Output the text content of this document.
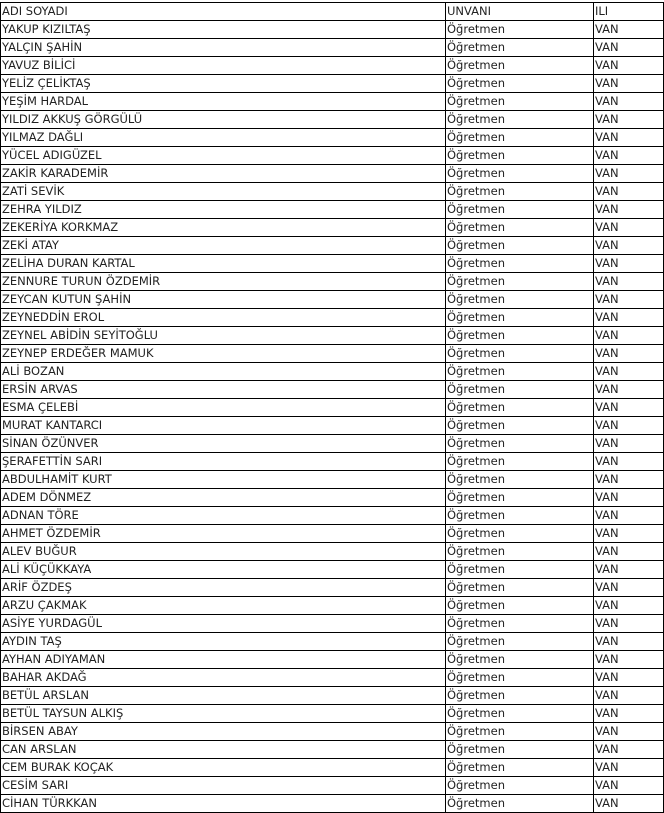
ADI SOYADI	UNVANI	ILI
YAKUP KIZILTAŞ	Öğretmen	VAN
YALÇIN ŞAHİN	Öğretmen	VAN
YAVUZ BİLİCİ	Öğretmen	VAN
YELİZ ÇELİKTAŞ	Öğretmen	VAN
YEŞİM HARDAL	Öğretmen	VAN
YILDIZ AKKUŞ GÖRGÜLÜ	Öğretmen	VAN
YILMAZ DAĞLI	Öğretmen	VAN
YÜCEL ADIGÜZEL	Öğretmen	VAN
ZAKİR KARADEMİR	Öğretmen	VAN
ZATİ SEVİK	Öğretmen	VAN
ZEHRA YILDIZ	Öğretmen	VAN
ZEKERİYA KORKMAZ	Öğretmen	VAN
ZEKİ ATAY	Öğretmen	VAN
ZELİHA DURAN KARTAL	Öğretmen	VAN
ZENNURE TURUN ÖZDEMİR	Öğretmen	VAN
ZEYCAN KUTUN ŞAHİN	Öğretmen	VAN
ZEYNEDDİN EROL	Öğretmen	VAN
ZEYNEL ABİDİN SEYİTOĞLU	Öğretmen	VAN
ZEYNEP ERDEĞER MAMUK	Öğretmen	VAN
ALİ BOZAN	Öğretmen	VAN
ERSİN ARVAS	Öğretmen	VAN
ESMA ÇELEBİ	Öğretmen	VAN
MURAT KANTARCI	Öğretmen	VAN
SİNAN ÖZÜNVER	Öğretmen	VAN
ŞERAFETTİN SARI	Öğretmen	VAN
ABDULHAMİT KURT	Öğretmen	VAN
ADEM DÖNMEZ	Öğretmen	VAN
ADNAN TÖRE	Öğretmen	VAN
AHMET ÖZDEMİR	Öğretmen	VAN
ALEV BUĞUR	Öğretmen	VAN
ALİ KÜÇÜKKAYA	Öğretmen	VAN
ARİF ÖZDEŞ	Öğretmen	VAN
ARZU ÇAKMAK	Öğretmen	VAN
ASİYE YURDAGÜL	Öğretmen	VAN
AYDIN TAŞ	Öğretmen	VAN
AYHAN ADIYAMAN	Öğretmen	VAN
BAHAR AKDAĞ	Öğretmen	VAN
BETÜL ARSLAN	Öğretmen	VAN
BETÜL TAYSUN ALKIŞ	Öğretmen	VAN
BİRSEN ABAY	Öğretmen	VAN
CAN ARSLAN	Öğretmen	VAN
CEM BURAK KOÇAK	Öğretmen	VAN
CESİM SARI	Öğretmen	VAN
CİHAN TÜRKKAN	Öğretmen	VAN
